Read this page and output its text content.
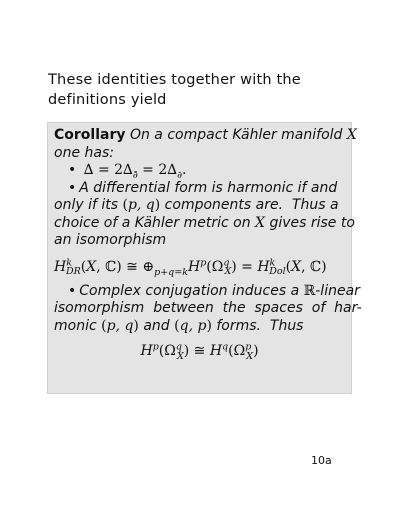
These identities together with the definitions yield
Corollary On a compact Kähler manifold X
one has:
• ∆ = $2\Delta_{\partial̄} = 2\Delta_\partial$.
• A differential form is harmonic if and
only if its (p, q) components are.  Thus a
choice of a Kähler metric on X gives rise to
an isomorphism
$H^k_{DR}(X$, ℂ) ≅ $\oplus_{p+q=k}H^p(\Omega^q_X) = H^k_{Dol}(X$, ℂ)
• Complex conjugation induces a ℝ-linear
isomorphism  between  the  spaces  of  har-
monic (p, q) and (q, p) forms.  Thus
$H^p(\Omega^q_X)$ ≅ $H^q(\Omega^p_X)$
10a
